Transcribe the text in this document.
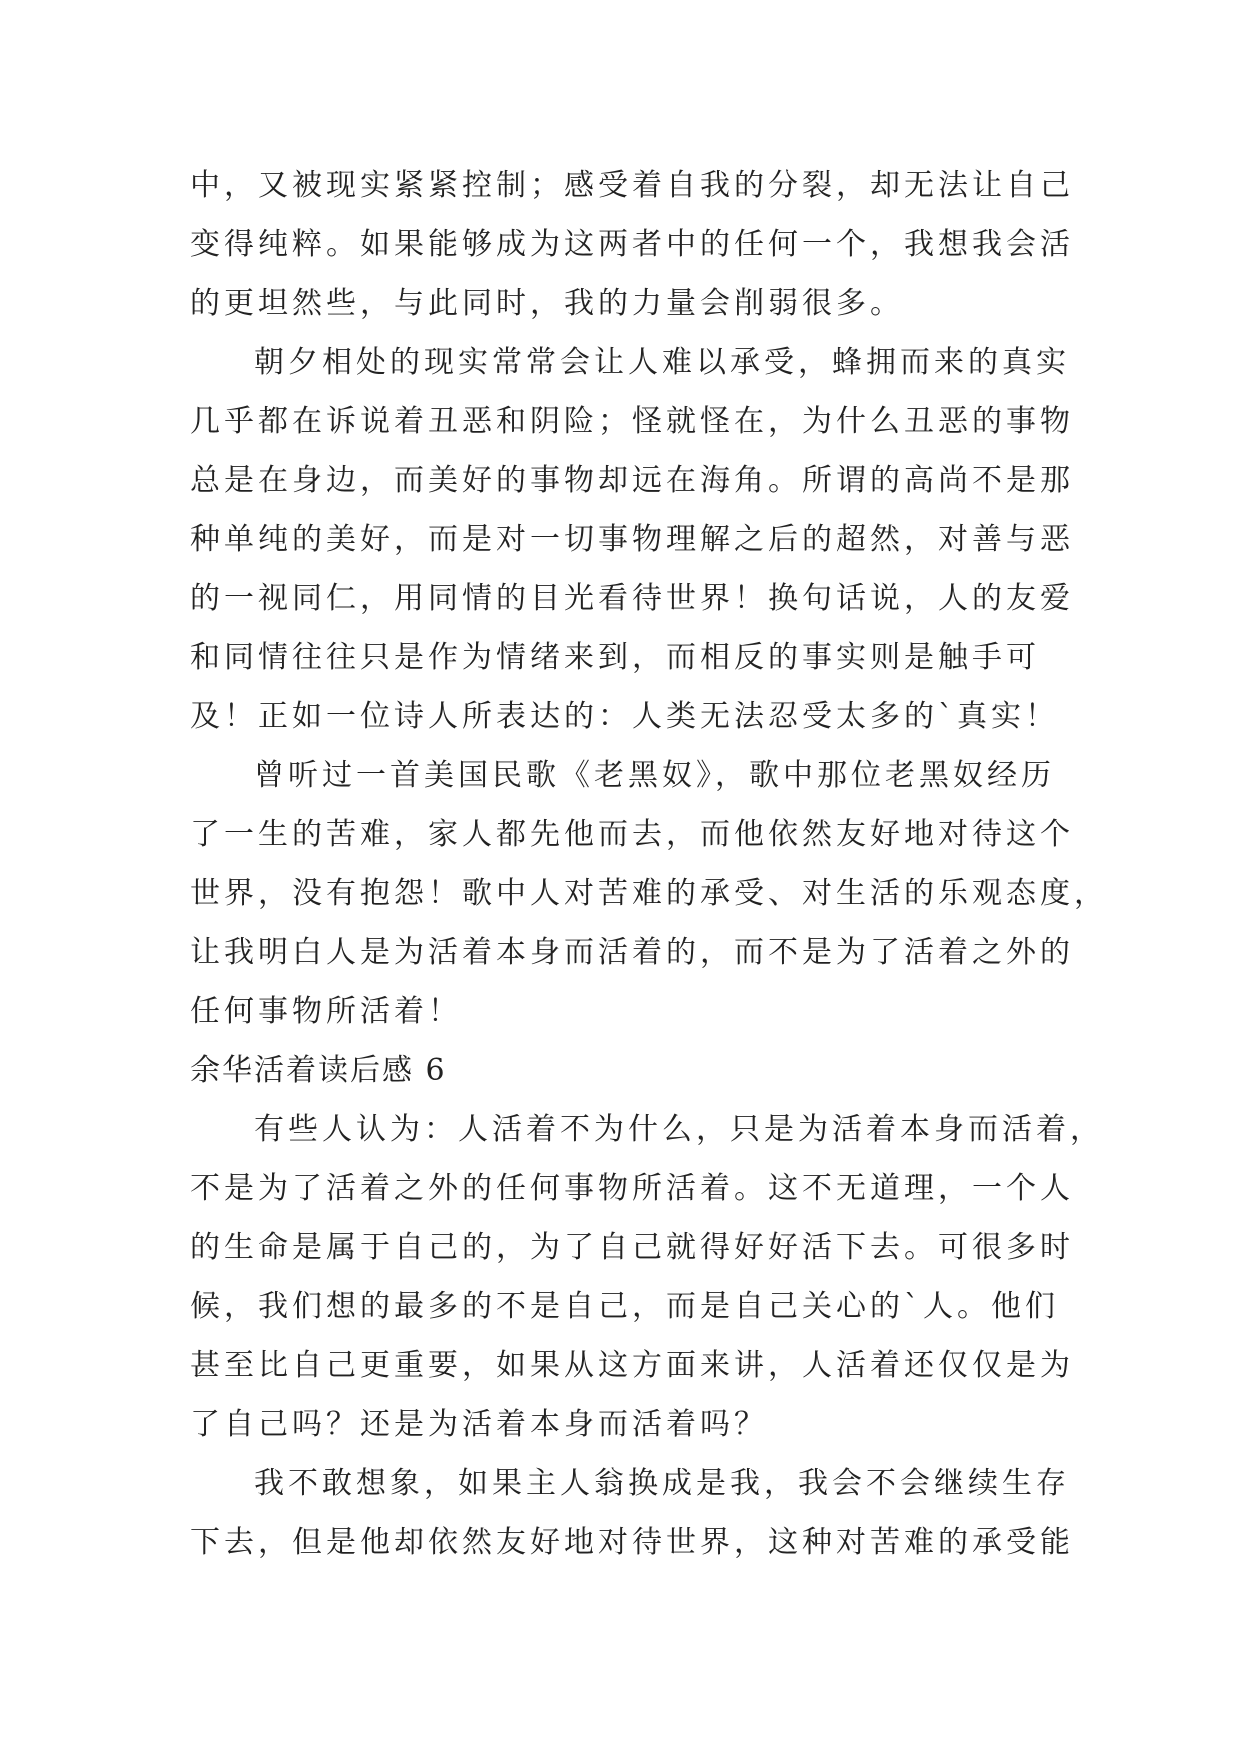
中，又被现实紧紧控制；感受着自我的分裂，却无法让自己
变得纯粹。如果能够成为这两者中的任何一个，我想我会活
的更坦然些，与此同时，我的力量会削弱很多。
朝夕相处的现实常常会让人难以承受，蜂拥而来的真实
几乎都在诉说着丑恶和阴险；怪就怪在，为什么丑恶的事物
总是在身边，而美好的事物却远在海角。所谓的高尚不是那
种单纯的美好，而是对一切事物理解之后的超然，对善与恶
的一视同仁，用同情的目光看待世界！换句话说，人的友爱
和同情往往只是作为情绪来到，而相反的事实则是触手可
及！正如一位诗人所表达的：人类无法忍受太多的`真实！
曾听过一首美国民歌《老黑奴》，歌中那位老黑奴经历
了一生的苦难，家人都先他而去，而他依然友好地对待这个
世界，没有抱怨！歌中人对苦难的承受、对生活的乐观态度，
让我明白人是为活着本身而活着的，而不是为了活着之外的
任何事物所活着！
余华活着读后感 6
有些人认为：人活着不为什么，只是为活着本身而活着，
不是为了活着之外的任何事物所活着。这不无道理，一个人
的生命是属于自己的，为了自己就得好好活下去。可很多时
候，我们想的最多的不是自己，而是自己关心的`人。他们
甚至比自己更重要，如果从这方面来讲，人活着还仅仅是为
了自己吗？还是为活着本身而活着吗？
我不敢想象，如果主人翁换成是我，我会不会继续生存
下去，但是他却依然友好地对待世界，这种对苦难的承受能
